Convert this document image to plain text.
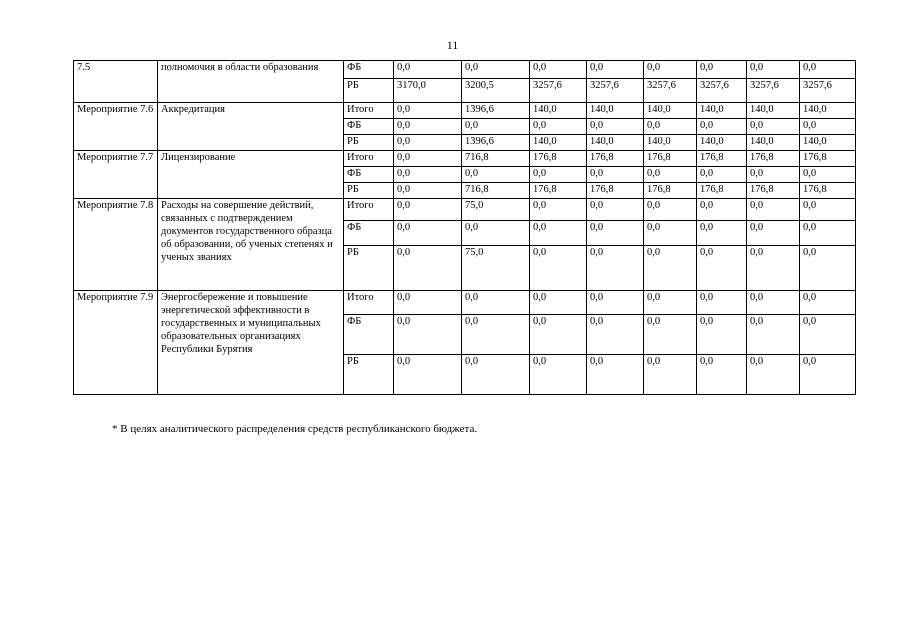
11
7.5	полномочия в области образования	ФБ	0,0	0,0	0,0	0,0	0,0	0,0	0,0	0,0
		РБ	3170,0	3200,5	3257,6	3257,6	3257,6	3257,6	3257,6	3257,6
Мероприятие 7.6	Аккредитация	Итого	0,0	1396,6	140,0	140,0	140,0	140,0	140,0	140,0
		ФБ	0,0	0,0	0,0	0,0	0,0	0,0	0,0	0,0
		РБ	0,0	1396,6	140,0	140,0	140,0	140,0	140,0	140,0
Мероприятие 7.7	Лицензирование	Итого	0,0	716,8	176,8	176,8	176,8	176,8	176,8	176,8
		ФБ	0,0	0,0	0,0	0,0	0,0	0,0	0,0	0,0
		РБ	0,0	716,8	176,8	176,8	176,8	176,8	176,8	176,8
Мероприятие 7.8	Расходы на совершение действий, связанных с подтверждением документов государственного образца об образовании, об ученых степенях и ученых званиях	Итого	0,0	75,0	0,0	0,0	0,0	0,0	0,0	0,0
		ФБ	0,0	0,0	0,0	0,0	0,0	0,0	0,0	0,0
		РБ	0,0	75,0	0,0	0,0	0,0	0,0	0,0	0,0
Мероприятие 7.9	Энергосбережение и повышение энергетической эффективности в государственных и муниципальных образовательных организациях Республики Бурятия	Итого	0,0	0,0	0,0	0,0	0,0	0,0	0,0	0,0
		ФБ	0,0	0,0	0,0	0,0	0,0	0,0	0,0	0,0
		РБ	0,0	0,0	0,0	0,0	0,0	0,0	0,0	0,0
* В целях аналитического распределения средств республиканского бюджета.
